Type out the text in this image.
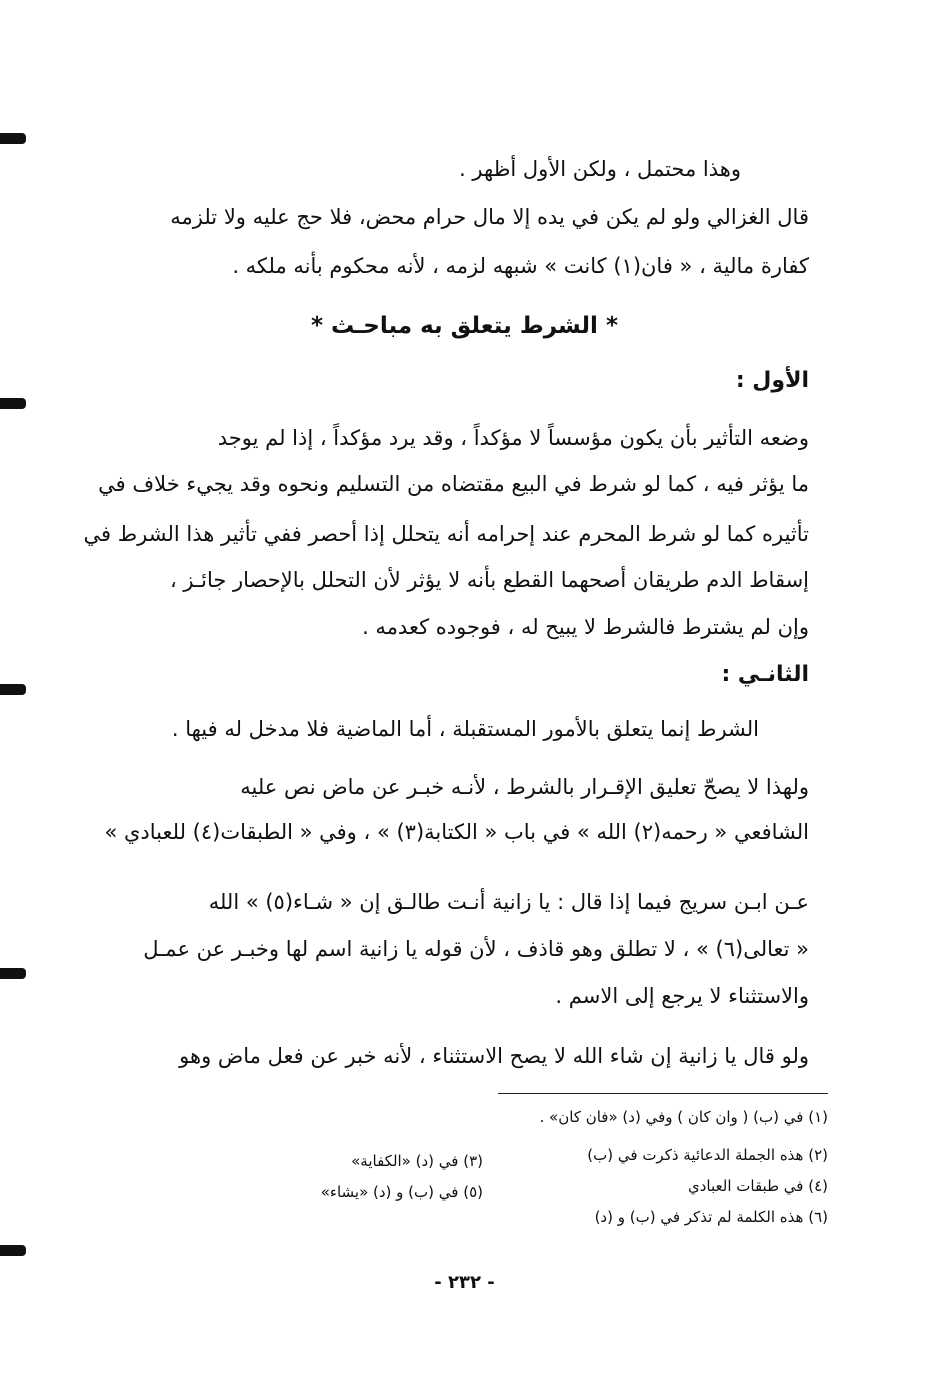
وهذا محتمل ، ولكن الأول أظهر .
قال الغزالي ولو لم يكن في يده إلا مال حرام محض، فلا حج عليه ولا تلزمه
كفارة مالية ، « فان(١) كانت » شبهه لزمه ، لأنه محكوم بأنه ملكه .
* الشرط يتعلق به مباحـث *
الأول :
وضعه التأثير بأن يكون مؤسساً لا مؤكداً ، وقد يرد مؤكداً ، إذا لم يوجد
ما يؤثر فيه ، كما لو شرط في البيع مقتضاه من التسليم ونحوه وقد يجيء خلاف في
تأثيره كما لو شرط المحرم عند إحرامه أنه يتحلل إذا أحصر ففي تأثير هذا الشرط في
إسقاط الدم طريقان أصحهما القطع بأنه لا يؤثر لأن التحلل بالإحصار جائـز ،
وإن لم يشترط فالشرط لا يبيح له ، فوجوده كعدمه .
الثانـي :
الشرط إنما يتعلق بالأمور المستقبلة ، أما الماضية فلا مدخل له فيها .
ولهذا لا يصحّ تعليق الإقـرار بالشرط ، لأنـه خبـر عن ماض نص عليه
الشافعي « رحمه(٢) الله » في باب « الكتابة(٣) » ، وفي « الطبقات(٤) للعبادي »
عـن ابـن سريج فيما إذا قال : يا زانية أنـت طالـق إن « شـاء(٥) » الله
« تعالى(٦) » ، لا تطلق وهو قاذف ، لأن قوله يا زانية اسم لها وخبـر عن عمـل
والاستثناء لا يرجع إلى الاسم .
ولو قال يا زانية إن شاء الله لا يصح الاستثناء ، لأنه خبر عن فعل ماض وهو
(١) في (ب) ( وان كان ) وفي (د) «فان كان» .
(٢) هذه الجملة الدعائية ذكرت في (ب)
(٤) في طبقات العبادي
(٦) هذه الكلمة لم تذكر في (ب) و (د)
(٣) في (د) «الكفاية»
(٥) في (ب) و (د) «يشاء»
- ٢٣٢ -
